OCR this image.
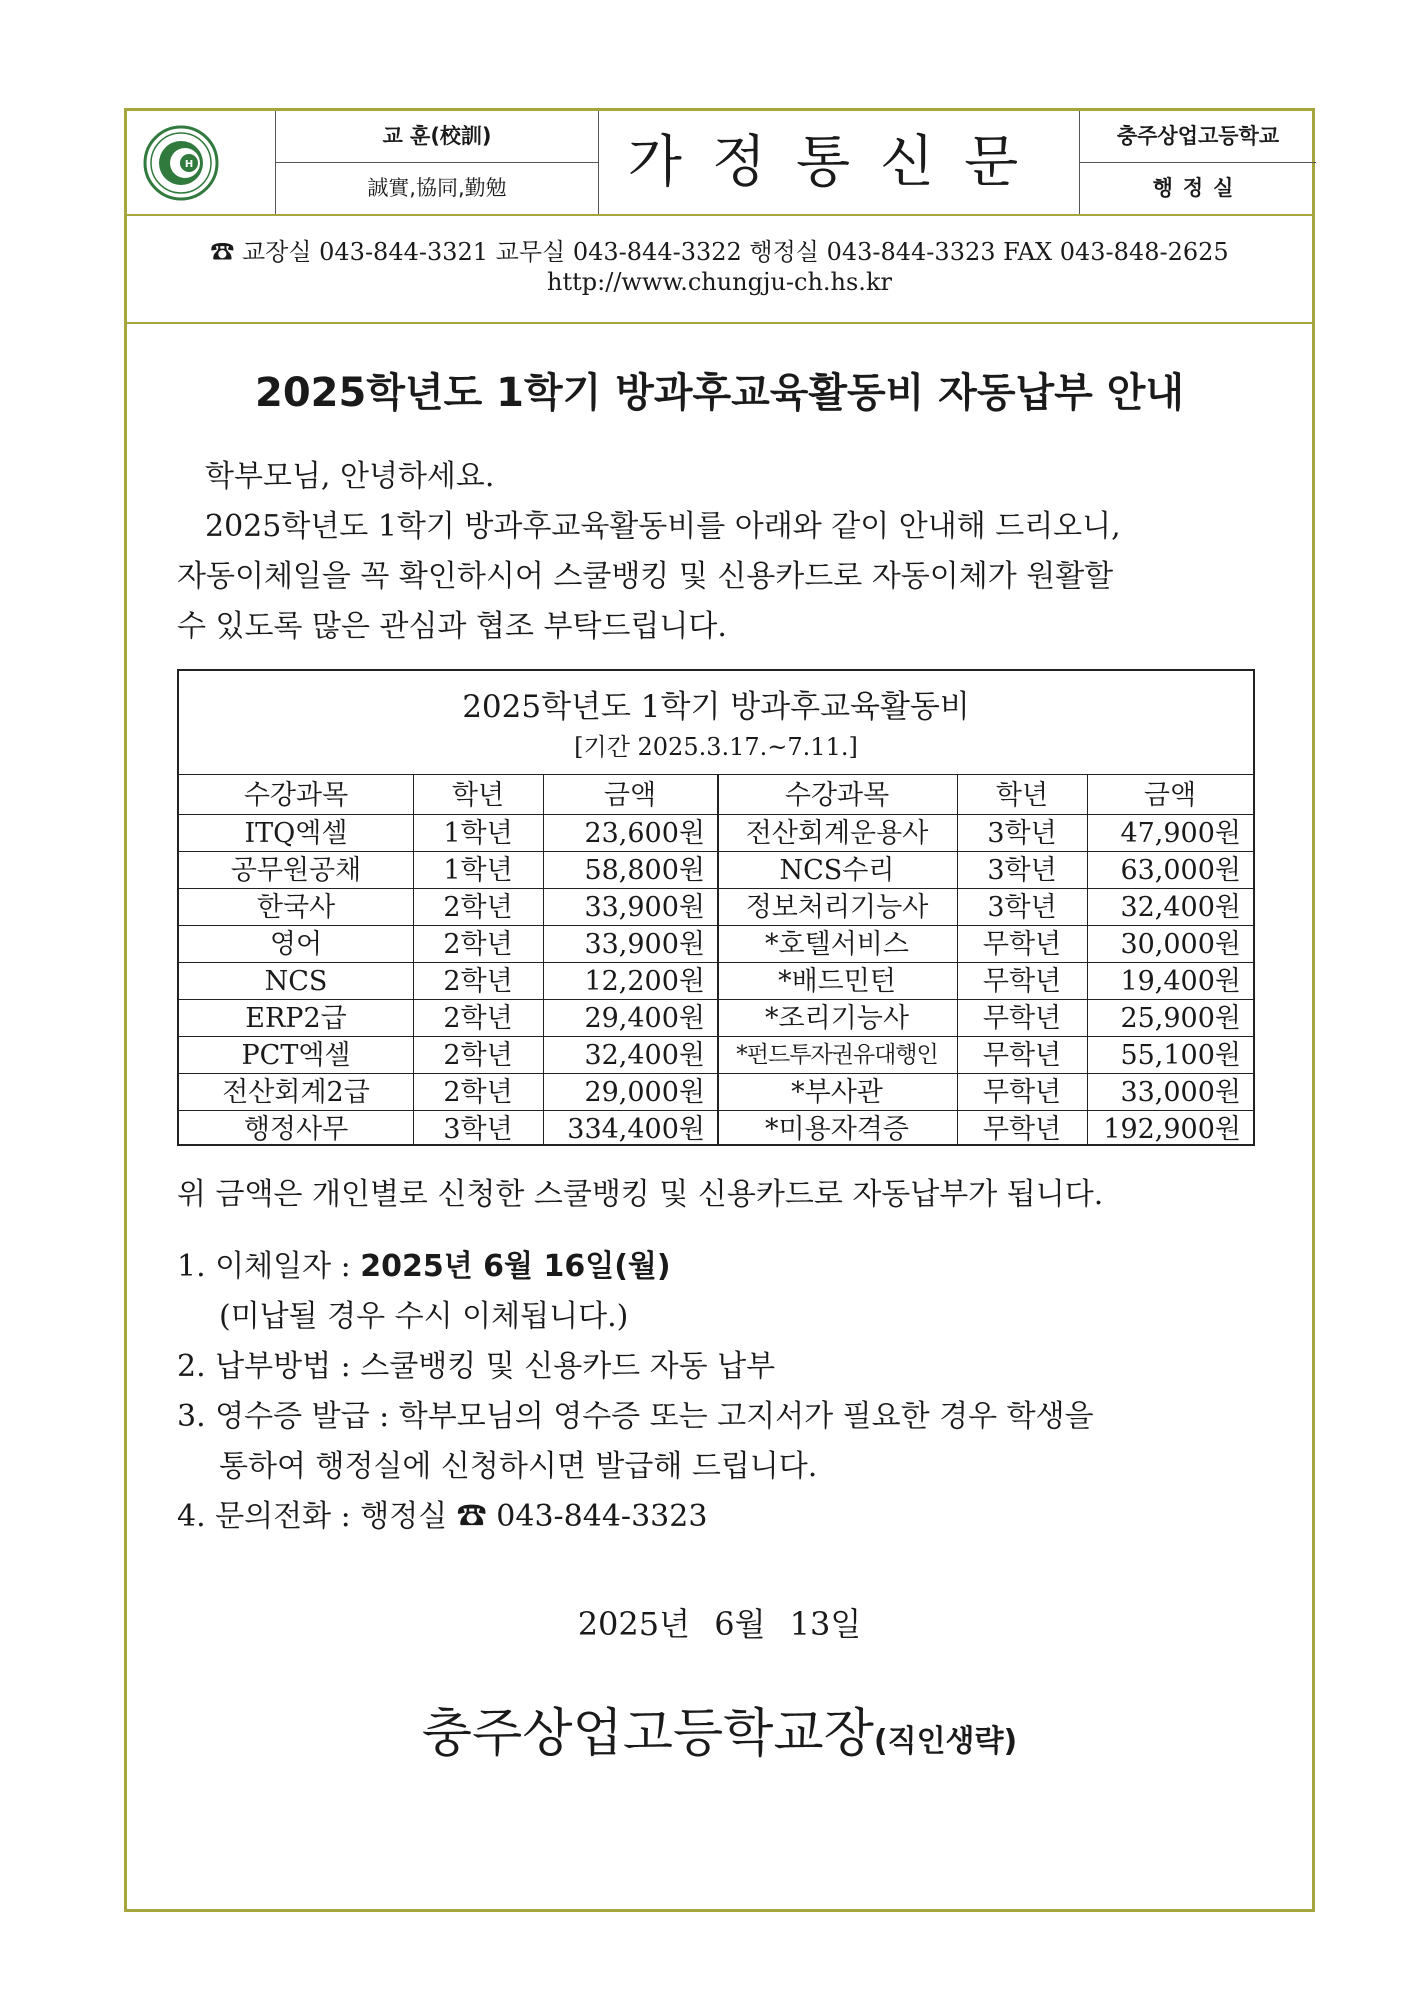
H
교 훈(校訓)
誠實,協同,勤勉	가정통신문	충주상업고등학교
행정실
☎ 교장실 043-844-3321 교무실 043-844-3322 행정실 043-844-3323 FAX 043-848-2625
http://www.chungju-ch.hs.kr
2025학년도 1학기 방과후교육활동비 자동납부 안내
학부모님, 안녕하세요.
2025학년도 1학기 방과후교육활동비를 아래와 같이 안내해 드리오니,
자동이체일을 꼭 확인하시어 스쿨뱅킹 및 신용카드로 자동이체가 원활할
수 있도록 많은 관심과 협조 부탁드립니다.
2025학년도 1학기 방과후교육활동비
[기간 2025.3.17.~7.11.]
수강과목	학년	금액	수강과목	학년	금액
ITQ엑셀	1학년	23,600원	전산회계운용사	3학년	47,900원
공무원공채	1학년	58,800원	NCS수리	3학년	63,000원
한국사	2학년	33,900원	정보처리기능사	3학년	32,400원
영어	2학년	33,900원	*호텔서비스	무학년	30,000원
NCS	2학년	12,200원	*배드민턴	무학년	19,400원
ERP2급	2학년	29,400원	*조리기능사	무학년	25,900원
PCT엑셀	2학년	32,400원	*펀드투자권유대행인	무학년	55,100원
전산회계2급	2학년	29,000원	*부사관	무학년	33,000원
행정사무	3학년	334,400원	*미용자격증	무학년	192,900원
위 금액은 개인별로 신청한 스쿨뱅킹 및 신용카드로 자동납부가 됩니다.
1. 이체일자 : 2025년 6월 16일(월)
(미납될 경우 수시 이체됩니다.)
2. 납부방법 : 스쿨뱅킹 및 신용카드 자동 납부
3. 영수증 발급 : 학부모님의 영수증 또는 고지서가 필요한 경우 학생을
통하여 행정실에 신청하시면 발급해 드립니다.
4. 문의전화 : 행정실 ☎ 043-844-3323
2025년 6월 13일
충주상업고등학교장(직인생략)
